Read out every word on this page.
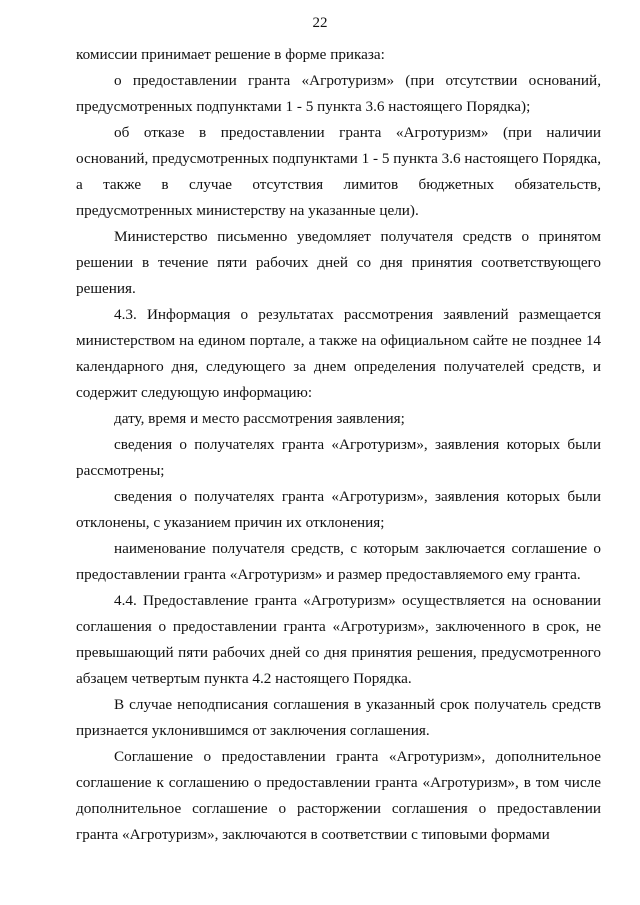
22

комиссии принимает решение в форме приказа:

о предоставлении гранта «Агротуризм» (при отсутствии оснований, предусмотренных подпунктами 1 - 5 пункта 3.6 настоящего Порядка);

об отказе в предоставлении гранта «Агротуризм» (при наличии оснований, предусмотренных подпунктами 1 - 5 пункта 3.6 настоящего Порядка, а также в случае отсутствия лимитов бюджетных обязательств, предусмотренных министерству на указанные цели).

Министерство письменно уведомляет получателя средств о принятом решении в течение пяти рабочих дней со дня принятия соответствующего решения.

4.3. Информация о результатах рассмотрения заявлений размещается министерством на едином портале, а также на официальном сайте не позднее 14 календарного дня, следующего за днем определения получателей средств, и содержит следующую информацию:

дату, время и место рассмотрения заявления;

сведения о получателях гранта «Агротуризм», заявления которых были рассмотрены;

сведения о получателях гранта «Агротуризм», заявления которых были отклонены, с указанием причин их отклонения;

наименование получателя средств, с которым заключается соглашение о предоставлении гранта «Агротуризм» и размер предоставляемого ему гранта.

4.4. Предоставление гранта «Агротуризм» осуществляется на основании соглашения о предоставлении гранта «Агротуризм», заключенного в срок, не превышающий пяти рабочих дней со дня принятия решения, предусмотренного абзацем четвертым пункта 4.2 настоящего Порядка.

В случае неподписания соглашения в указанный срок получатель средств признается уклонившимся от заключения соглашения.

Соглашение о предоставлении гранта «Агротуризм», дополнительное соглашение к соглашению о предоставлении гранта «Агротуризм», в том числе дополнительное соглашение о расторжении соглашения о предоставлении гранта «Агротуризм», заключаются в соответствии с типовыми формами
